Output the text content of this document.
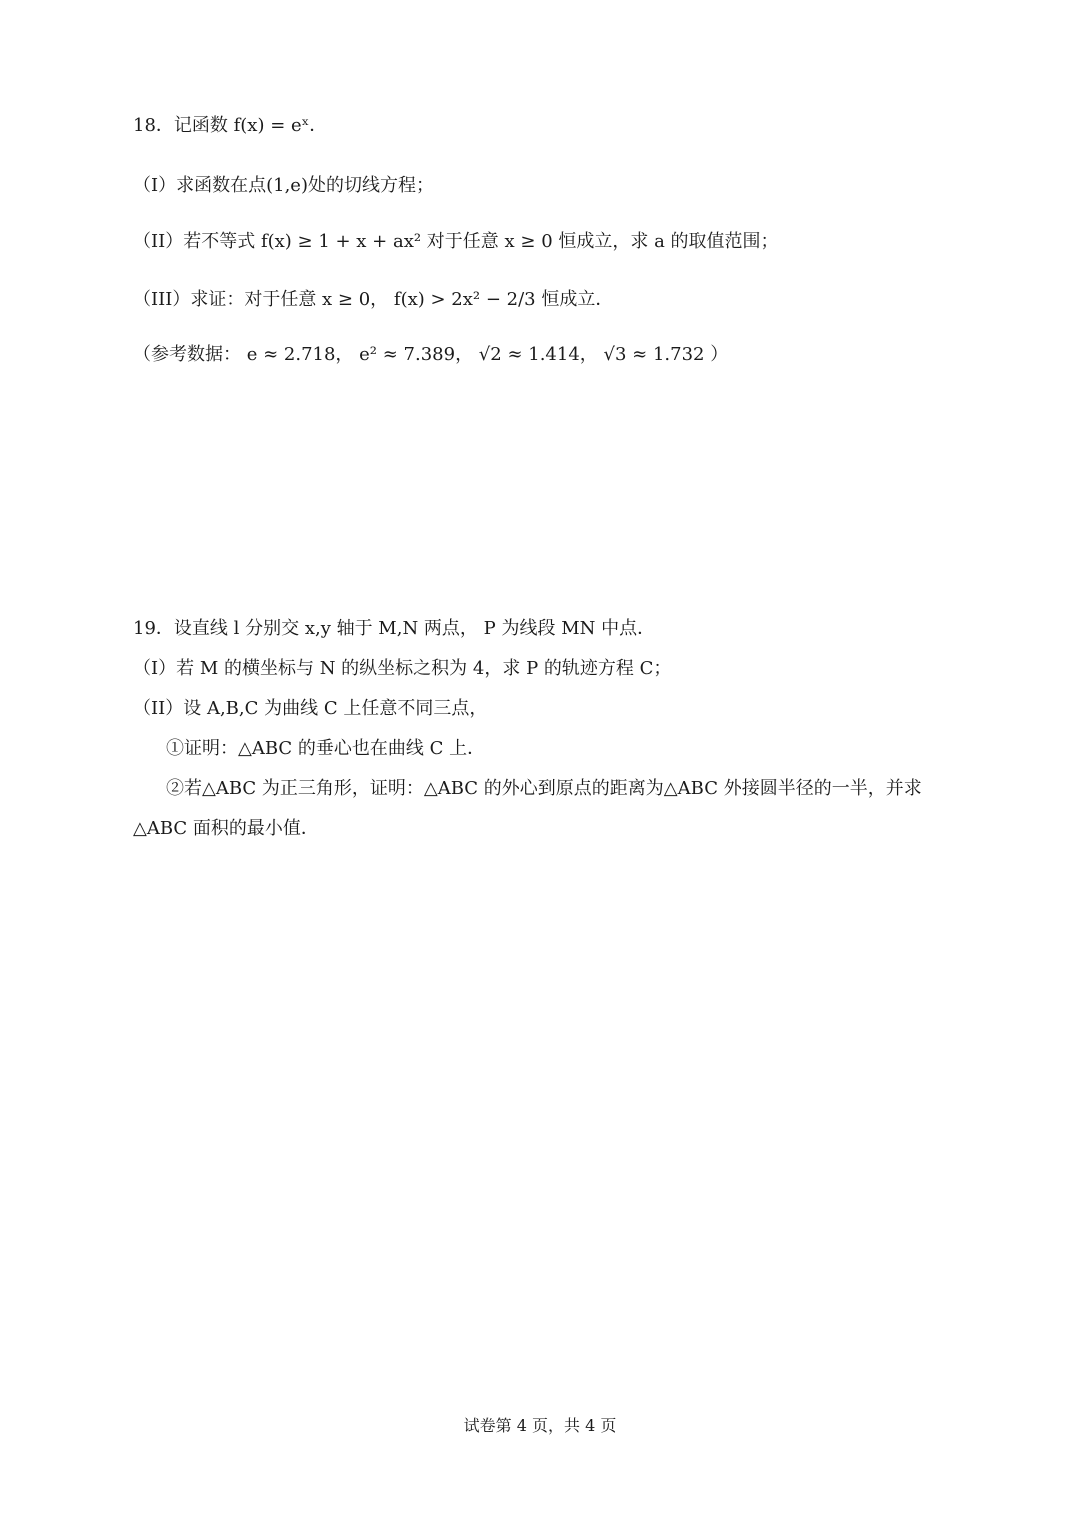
18．记函数 f(x) = eˣ．
（I）求函数在点(1,e)处的切线方程；
（II）若不等式 f(x) ≥ 1 + x + ax² 对于任意 x ≥ 0 恒成立，求 a 的取值范围；
（III）求证：对于任意 x ≥ 0， f(x) > 2x² − 2/3 恒成立．
（参考数据： e ≈ 2.718， e² ≈ 7.389， √2 ≈ 1.414， √3 ≈ 1.732 ）
19．设直线 l 分别交 x,y 轴于 M,N 两点， P 为线段 MN 中点．
（I）若 M 的横坐标与 N 的纵坐标之积为 4，求 P 的轨迹方程 C；
（II）设 A,B,C 为曲线 C 上任意不同三点，
①证明：△ABC 的垂心也在曲线 C 上．
②若△ABC 为正三角形，证明：△ABC 的外心到原点的距离为△ABC 外接圆半径的一半，并求
△ABC 面积的最小值．
试卷第 4 页，共 4 页
